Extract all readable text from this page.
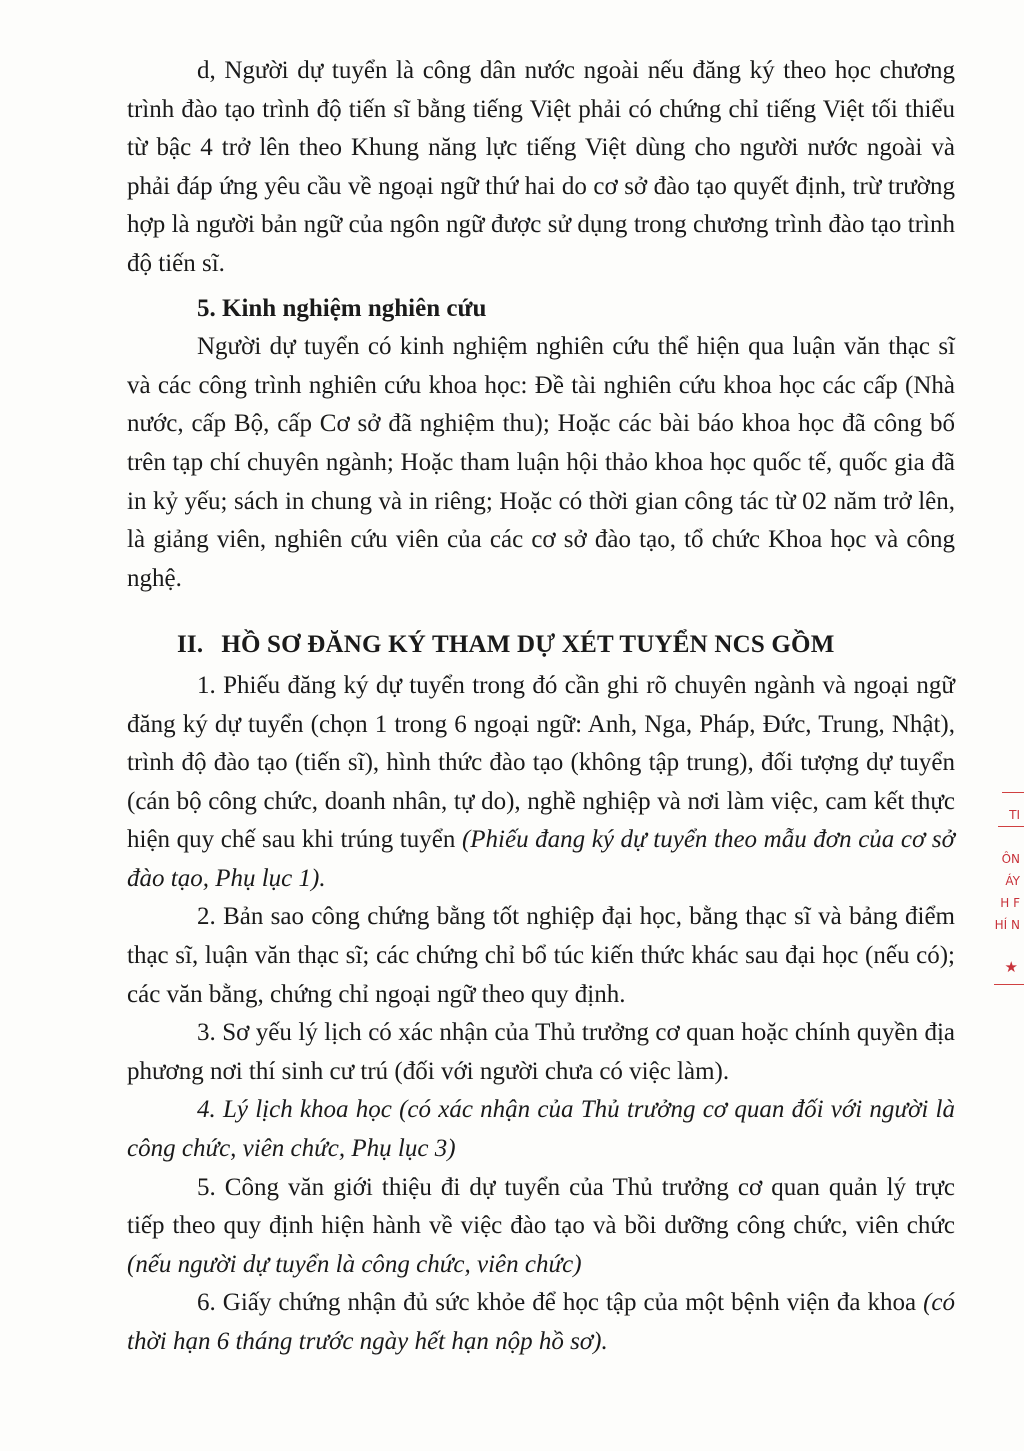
d, Người dự tuyển là công dân nước ngoài nếu đăng ký theo học chương trình đào tạo trình độ tiến sĩ bằng tiếng Việt phải có chứng chỉ tiếng Việt tối thiểu từ bậc 4 trở lên theo Khung năng lực tiếng Việt dùng cho người nước ngoài và phải đáp ứng yêu cầu về ngoại ngữ thứ hai do cơ sở đào tạo quyết định, trừ trường hợp là người bản ngữ của ngôn ngữ được sử dụng trong chương trình đào tạo trình độ tiến sĩ.

5. Kinh nghiệm nghiên cứu

Người dự tuyển có kinh nghiệm nghiên cứu thể hiện qua luận văn thạc sĩ và các công trình nghiên cứu khoa học: Đề tài nghiên cứu khoa học các cấp (Nhà nước, cấp Bộ, cấp Cơ sở đã nghiệm thu); Hoặc các bài báo khoa học đã công bố trên tạp chí chuyên ngành; Hoặc tham luận hội thảo khoa học quốc tế, quốc gia đã in kỷ yếu; sách in chung và in riêng; Hoặc có thời gian công tác từ 02 năm trở lên, là giảng viên, nghiên cứu viên của các cơ sở đào tạo, tổ chức Khoa học và công nghệ.

II. HỒ SƠ ĐĂNG KÝ THAM DỰ XÉT TUYỂN NCS GỒM

1. Phiếu đăng ký dự tuyển trong đó cần ghi rõ chuyên ngành và ngoại ngữ đăng ký dự tuyển (chọn 1 trong 6 ngoại ngữ: Anh, Nga, Pháp, Đức, Trung, Nhật), trình độ đào tạo (tiến sĩ), hình thức đào tạo (không tập trung), đối tượng dự tuyển (cán bộ công chức, doanh nhân, tự do), nghề nghiệp và nơi làm việc, cam kết thực hiện quy chế sau khi trúng tuyển (Phiếu đang ký dự tuyển theo mẫu đơn của cơ sở đào tạo, Phụ lục 1).

2. Bản sao công chứng bằng tốt nghiệp đại học, bằng thạc sĩ và bảng điểm thạc sĩ, luận văn thạc sĩ; các chứng chỉ bổ túc kiến thức khác sau đại học (nếu có); các văn bằng, chứng chỉ ngoại ngữ theo quy định.

3. Sơ yếu lý lịch có xác nhận của Thủ trưởng cơ quan hoặc chính quyền địa phương nơi thí sinh cư trú (đối với người chưa có việc làm).

4. Lý lịch khoa học (có xác nhận của Thủ trưởng cơ quan đối với người là công chức, viên chức, Phụ lục 3)

5. Công văn giới thiệu đi dự tuyển của Thủ trưởng cơ quan quản lý trực tiếp theo quy định hiện hành về việc đào tạo và bồi dưỡng công chức, viên chức (nếu người dự tuyển là công chức, viên chức)

6. Giấy chứng nhận đủ sức khỏe để học tập của một bệnh viện đa khoa (có thời hạn 6 tháng trước ngày hết hạn nộp hồ sơ).

TI
ÔN
ÁY
H F
HÍ N
★
